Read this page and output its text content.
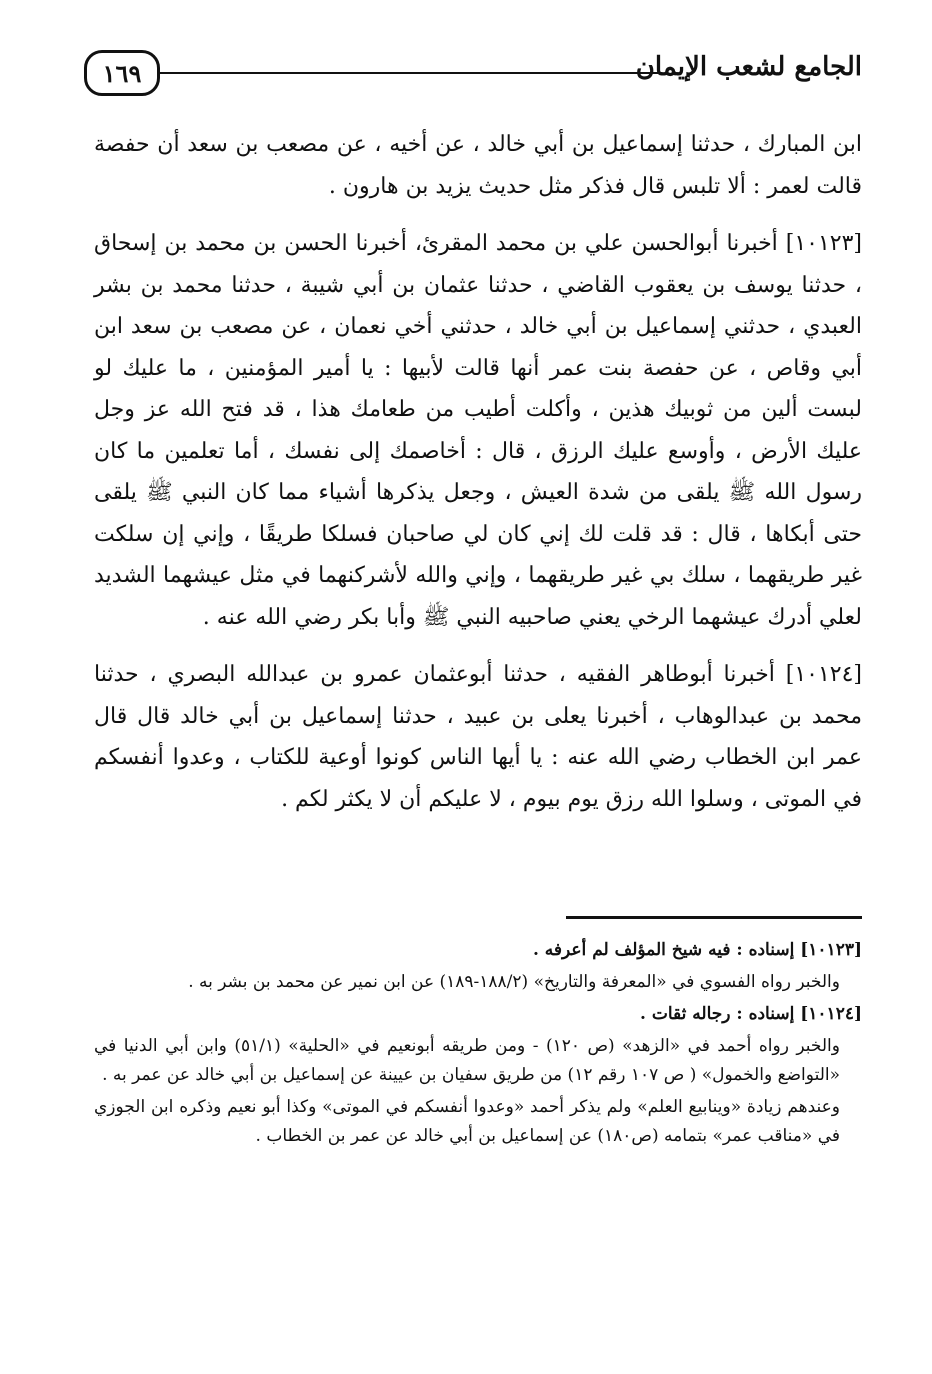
١٦٩	الجامع لشعب الإيمان

ابن المبارك ، حدثنا إسماعيل بن أبي خالد ، عن أخيه ، عن مصعب بن سعد أن حفصة قالت لعمر : ألا تلبس قال فذكر مثل حديث يزيد بن هارون .

[١٠١٢٣] أخبرنا أبوالحسن علي بن محمد المقرئ، أخبرنا الحسن بن محمد بن إسحاق ، حدثنا يوسف بن يعقوب القاضي ، حدثنا عثمان بن أبي شيبة ، حدثنا محمد بن بشر العبدي ، حدثني إسماعيل بن أبي خالد ، حدثني أخي نعمان ، عن مصعب بن سعد ابن أبي وقاص ، عن حفصة بنت عمر أنها قالت لأبيها : يا أمير المؤمنين ، ما عليك لو لبست ألين من ثوبيك هذين ، وأكلت أطيب من طعامك هذا ، قد فتح الله عز وجل عليك الأرض ، وأوسع عليك الرزق ، قال : أخاصمك إلى نفسك ، أما تعلمين ما كان رسول الله ﷺ يلقى من شدة العيش ، وجعل يذكرها أشياء مما كان النبي ﷺ يلقى حتى أبكاها ، قال : قد قلت لك إني كان لي صاحبان فسلكا طريقًا ، وإني إن سلكت غير طريقهما ، سلك بي غير طريقهما ، وإني والله لأشركنهما في مثل عيشهما الشديد لعلي أدرك عيشهما الرخي يعني صاحبيه النبي ﷺ وأبا بكر رضي الله عنه .

[١٠١٢٤] أخبرنا أبوطاهر الفقيه ، حدثنا أبوعثمان عمرو بن عبدالله البصري ، حدثنا محمد بن عبدالوهاب ، أخبرنا يعلى بن عبيد ، حدثنا إسماعيل بن أبي خالد قال قال عمر ابن الخطاب رضي الله عنه : يا أيها الناس كونوا أوعية للكتاب ، وعدوا أنفسكم في الموتى ، وسلوا الله رزق يوم بيوم ، لا عليكم أن لا يكثر لكم .

[١٠١٢٣] إسناده : فيه شيخ المؤلف لم أعرفه .

والخبر رواه الفسوي في «المعرفة والتاريخ» (١٨٨/٢-١٨٩) عن ابن نمير عن محمد بن بشر به .

[١٠١٢٤] إسناده : رجاله ثقات .

والخبر رواه أحمد في «الزهد» (ص ١٢٠) - ومن طريقه أبونعيم في «الحلية» (٥١/١) وابن أبي الدنيا في «التواضع والخمول» ( ص ١٠٧ رقم ١٢) من طريق سفيان بن عيينة عن إسماعيل بن أبي خالد عن عمر به .

وعندهم زيادة «وينابيع العلم» ولم يذكر أحمد «وعدوا أنفسكم في الموتى» وكذا أبو نعيم وذكره ابن الجوزي في «مناقب عمر» بتمامه (ص١٨٠) عن إسماعيل بن أبي خالد عن عمر بن الخطاب .
